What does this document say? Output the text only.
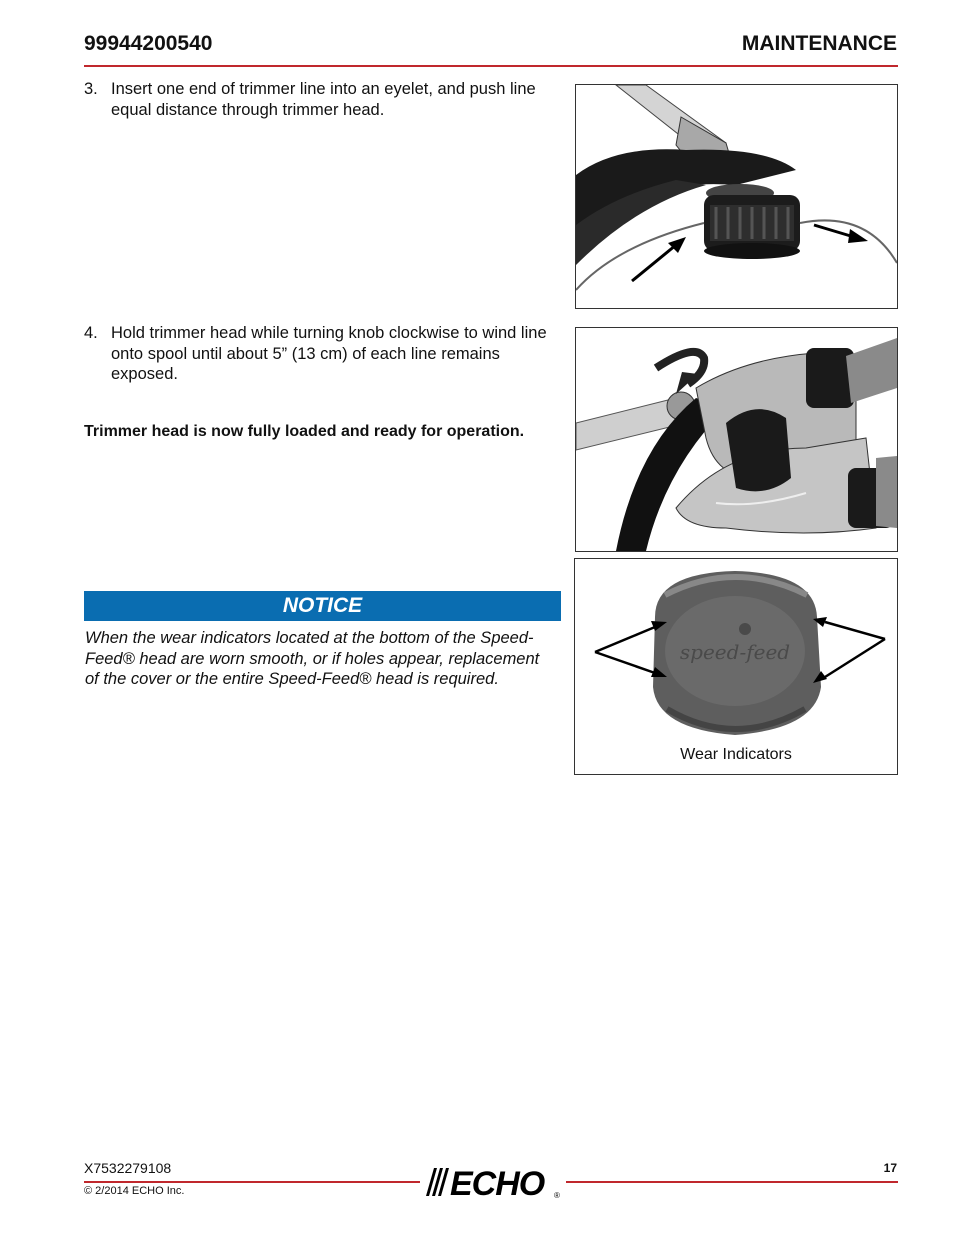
99944200540	MAINTENANCE
3. Insert one end of trimmer line into an eyelet, and push line equal distance through trimmer head.
4. Hold trimmer head while turning knob clockwise to wind line onto spool until about 5” (13 cm) of each line remains exposed.
Trimmer head is now fully loaded and ready for operation.
NOTICE
When the wear indicators located at the bottom of the Speed-Feed® head are worn smooth, or if holes appear, replacement of the cover or the entire Speed-Feed® head is required.
speed-feed
Wear Indicators
X7532279108
© 2/2014 ECHO Inc.
17
ECHO ®
